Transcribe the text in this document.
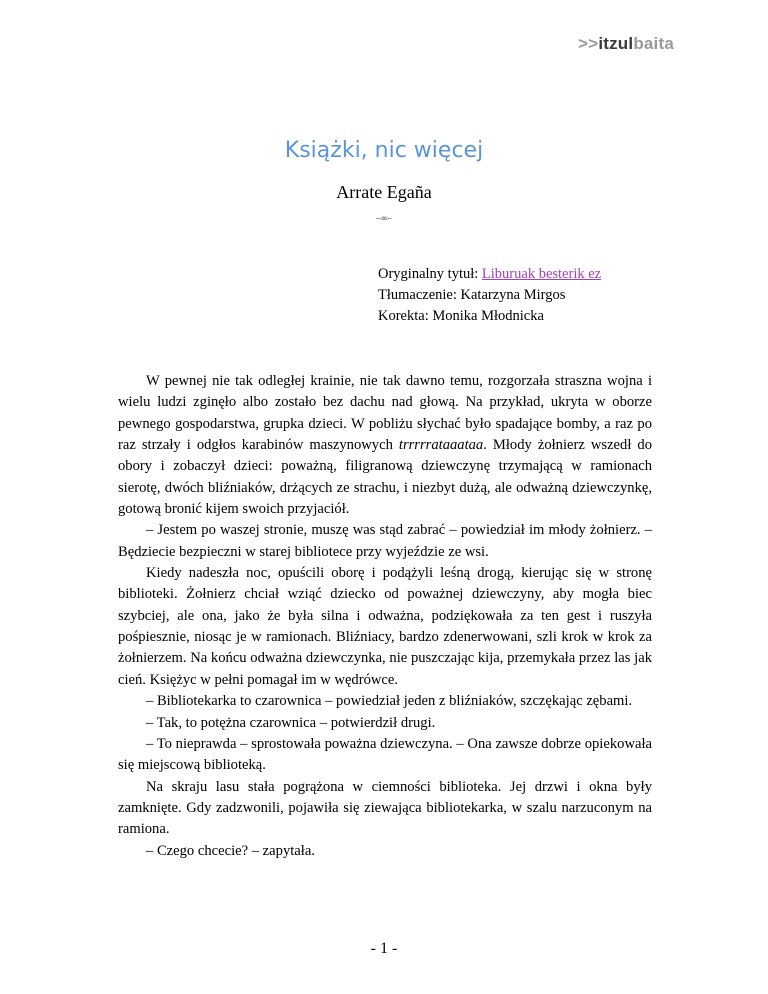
>>itzulbaita
Książki, nic więcej
Arrate Egaña
–∞–
Oryginalny tytuł: Liburuak besterik ez
Tłumaczenie: Katarzyna Mirgos
Korekta: Monika Młodnicka

W pewnej nie tak odległej krainie, nie tak dawno temu, rozgorzała straszna wojna i wielu ludzi zginęło albo zostało bez dachu nad głową. Na przykład, ukryta w oborze pewnego gospodarstwa, grupka dzieci. W pobliżu słychać było spadające bomby, a raz po raz strzały i odgłos karabinów maszynowych trrrrrataaataa. Młody żołnierz wszedł do obory i zobaczył dzieci: poważną, filigranową dziewczynę trzymającą w ramionach sierotę, dwóch bliźniaków, drżących ze strachu, i niezbyt dużą, ale odważną dziewczynkę, gotową bronić kijem swoich przyjaciół.

– Jestem po waszej stronie, muszę was stąd zabrać – powiedział im młody żołnierz. – Będziecie bezpieczni w starej bibliotece przy wyjeździe ze wsi.

Kiedy nadeszła noc, opuścili oborę i podążyli leśną drogą, kierując się w stronę biblioteki. Żołnierz chciał wziąć dziecko od poważnej dziewczyny, aby mogła biec szybciej, ale ona, jako że była silna i odważna, podziękowała za ten gest i ruszyła pośpiesznie, niosąc je w ramionach. Bliźniacy, bardzo zdenerwowani, szli krok w krok za żołnierzem. Na końcu odważna dziewczynka, nie puszczając kija, przemykała przez las jak cień. Księżyc w pełni pomagał im w wędrówce.

– Bibliotekarka to czarownica – powiedział jeden z bliźniaków, szczękając zębami.

– Tak, to potężna czarownica – potwierdził drugi.

– To nieprawda – sprostowała poważna dziewczyna. – Ona zawsze dobrze opiekowała się miejscową biblioteką.

Na skraju lasu stała pogrążona w ciemności biblioteka. Jej drzwi i okna były zamknięte. Gdy zadzwonili, pojawiła się ziewająca bibliotekarka, w szalu narzuconym na ramiona.

– Czego chcecie? – zapytała.

- 1 -
